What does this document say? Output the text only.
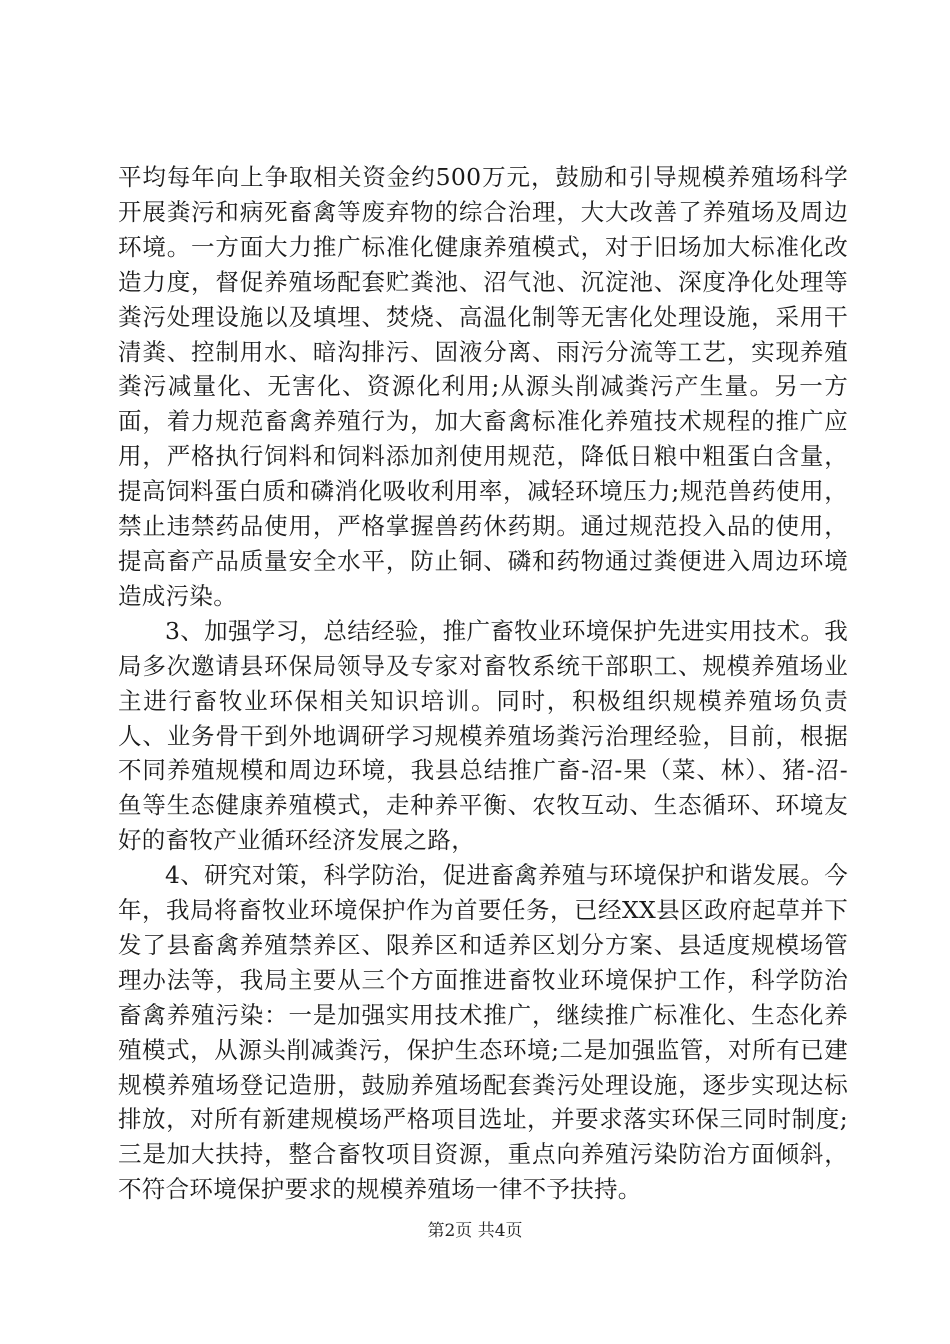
平均每年向上争取相关资金约500万元，鼓励和引导规模养殖场科学开展粪污和病死畜禽等废弃物的综合治理，大大改善了养殖场及周边环境。一方面大力推广标准化健康养殖模式，对于旧场加大标准化改造力度，督促养殖场配套贮粪池、沼气池、沉淀池、深度净化处理等粪污处理设施以及填埋、焚烧、高温化制等无害化处理设施，采用干清粪、控制用水、暗沟排污、固液分离、雨污分流等工艺，实现养殖粪污减量化、无害化、资源化利用;从源头削减粪污产生量。另一方面，着力规范畜禽养殖行为，加大畜禽标准化养殖技术规程的推广应用，严格执行饲料和饲料添加剂使用规范，降低日粮中粗蛋白含量，提高饲料蛋白质和磷消化吸收利用率，减轻环境压力;规范兽药使用，禁止违禁药品使用，严格掌握兽药休药期。通过规范投入品的使用，提高畜产品质量安全水平，防止铜、磷和药物通过粪便进入周边环境造成污染。

3、加强学习，总结经验，推广畜牧业环境保护先进实用技术。我局多次邀请县环保局领导及专家对畜牧系统干部职工、规模养殖场业主进行畜牧业环保相关知识培训。同时，积极组织规模养殖场负责人、业务骨干到外地调研学习规模养殖场粪污治理经验，目前，根据不同养殖规模和周边环境，我县总结推广畜-沼-果（菜、林）、猪-沼-鱼等生态健康养殖模式，走种养平衡、农牧互动、生态循环、环境友好的畜牧产业循环经济发展之路，

4、研究对策，科学防治，促进畜禽养殖与环境保护和谐发展。今年，我局将畜牧业环境保护作为首要任务，已经XX县区政府起草并下发了县畜禽养殖禁养区、限养区和适养区划分方案、县适度规模场管理办法等，我局主要从三个方面推进畜牧业环境保护工作，科学防治畜禽养殖污染：一是加强实用技术推广，继续推广标准化、生态化养殖模式，从源头削减粪污，保护生态环境;二是加强监管，对所有已建规模养殖场登记造册，鼓励养殖场配套粪污处理设施，逐步实现达标排放，对所有新建规模场严格项目选址，并要求落实环保三同时制度;三是加大扶持，整合畜牧项目资源，重点向养殖污染防治方面倾斜，不符合环境保护要求的规模养殖场一律不予扶持。

第2页 共4页
